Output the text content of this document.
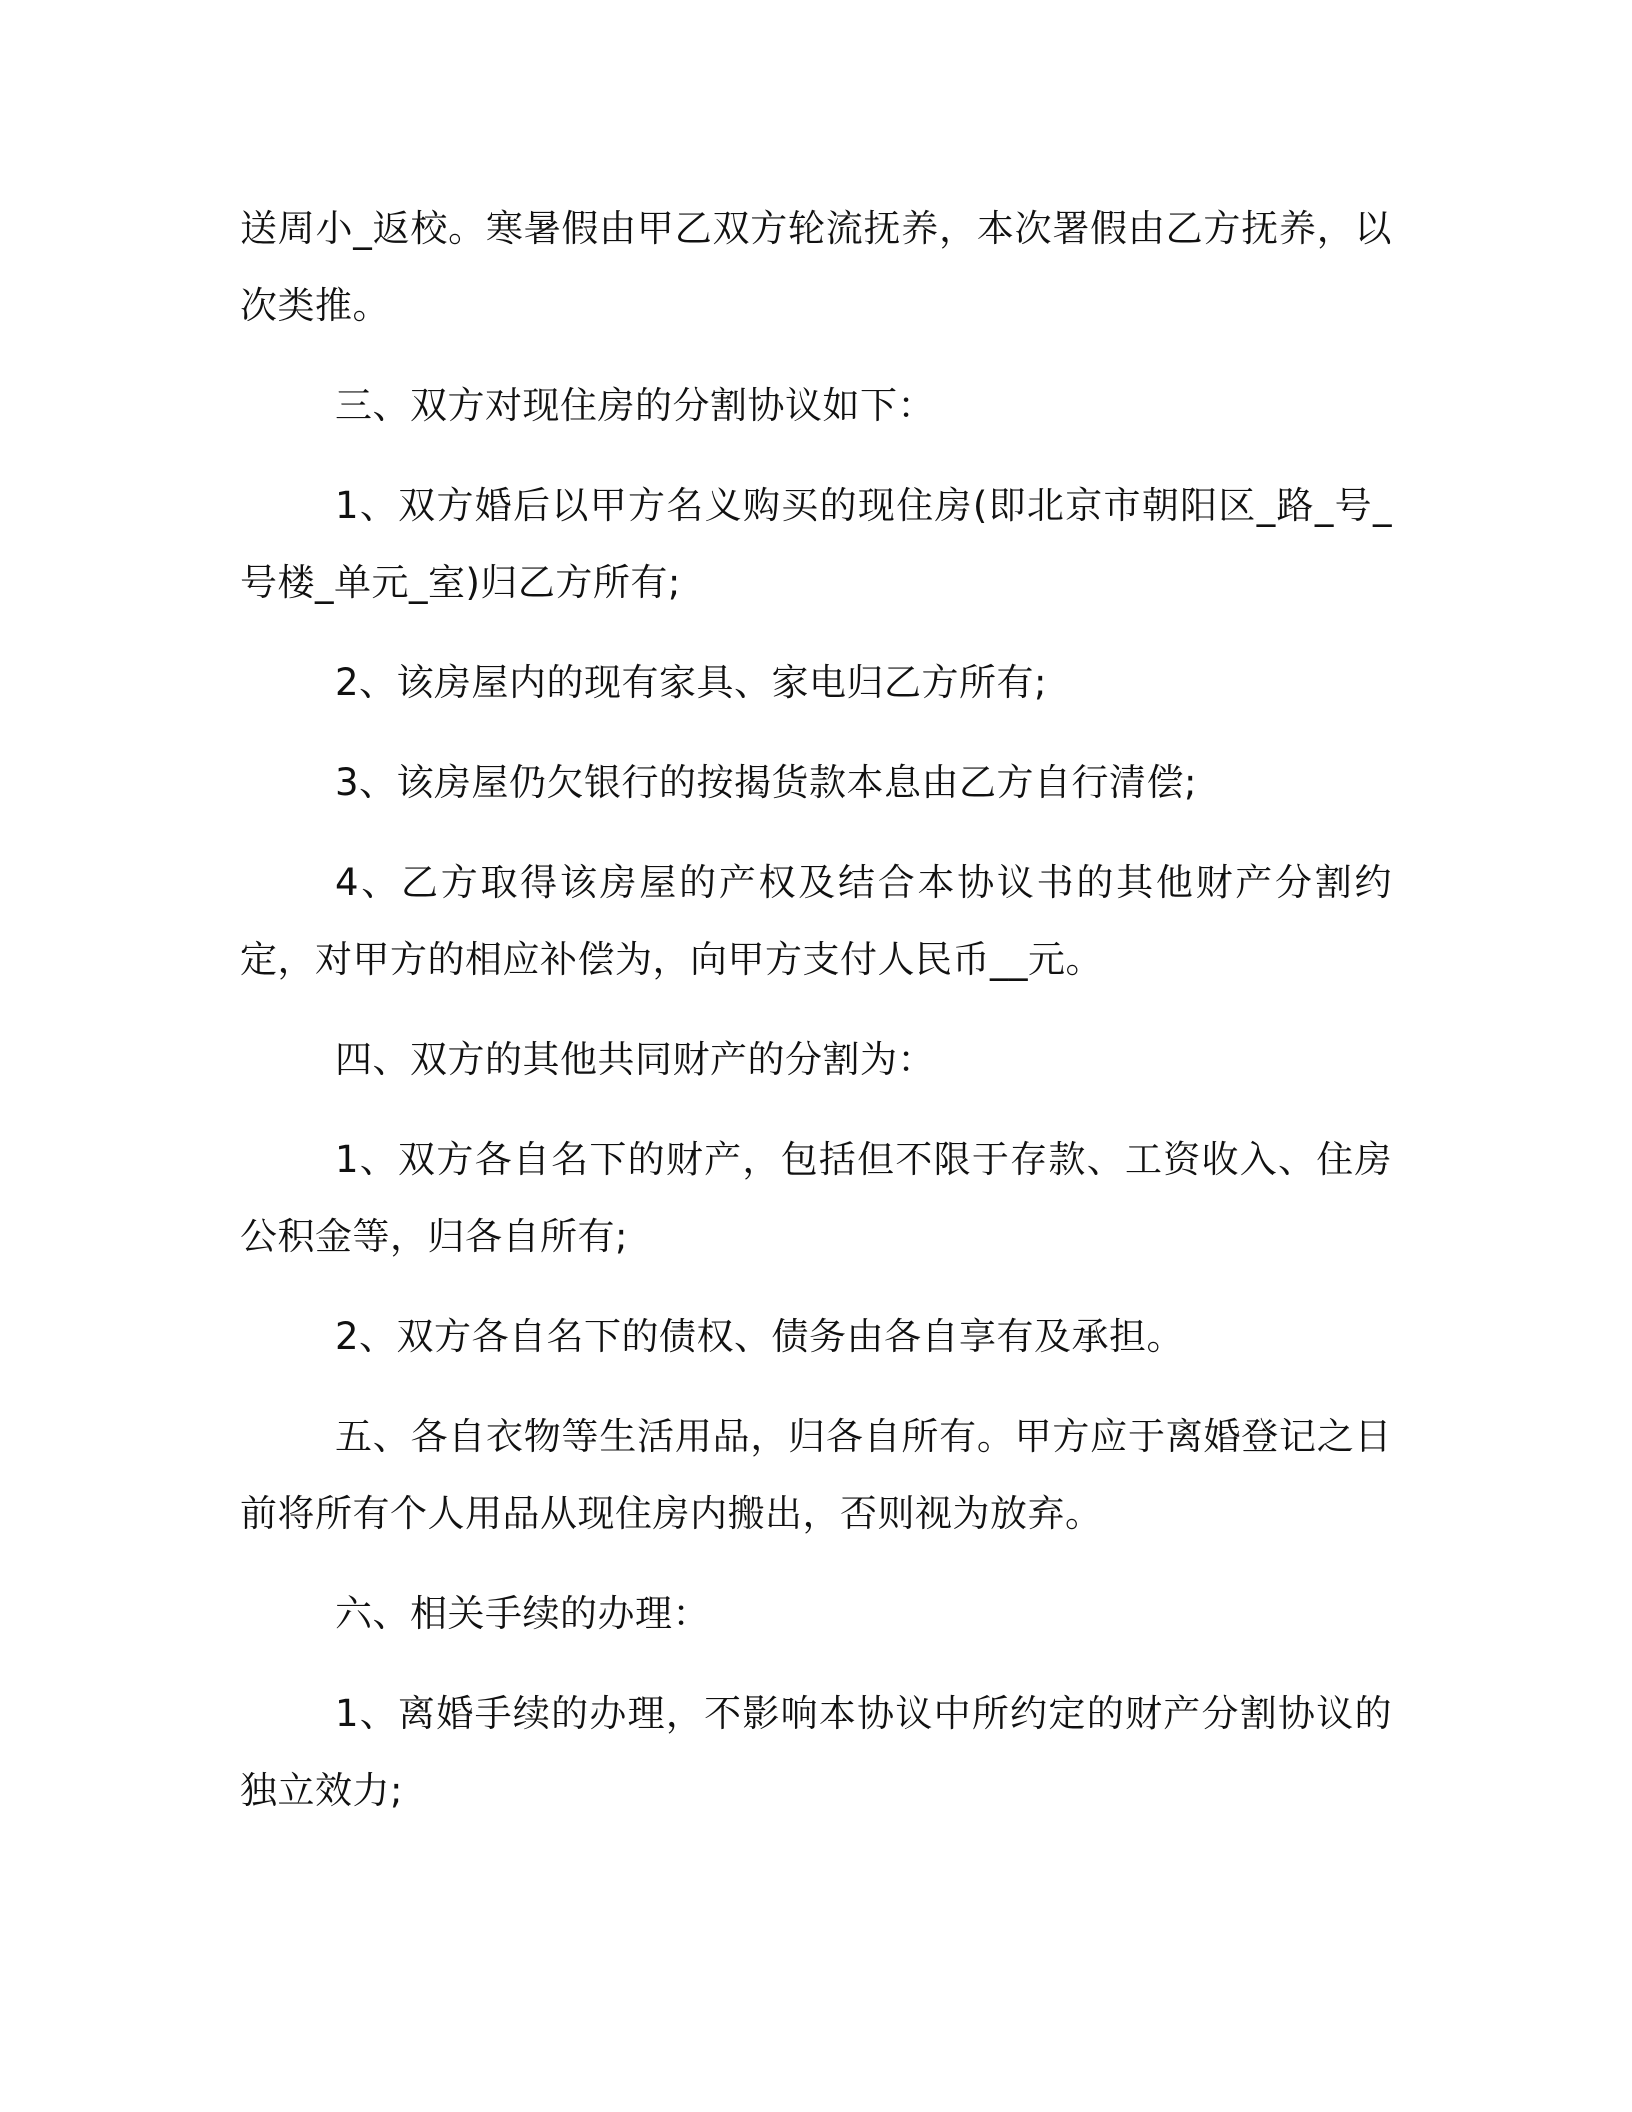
送周小_返校。寒暑假由甲乙双方轮流抚养，本次署假由乙方抚养，以次类推。

三、双方对现住房的分割协议如下：

1、双方婚后以甲方名义购买的现住房(即北京市朝阳区_路_号_号楼_单元_室)归乙方所有;

2、该房屋内的现有家具、家电归乙方所有;

3、该房屋仍欠银行的按揭货款本息由乙方自行清偿;

4、乙方取得该房屋的产权及结合本协议书的其他财产分割约定，对甲方的相应补偿为，向甲方支付人民币__元。

四、双方的其他共同财产的分割为：

1、双方各自名下的财产，包括但不限于存款、工资收入、住房公积金等，归各自所有;

2、双方各自名下的债权、债务由各自享有及承担。

五、各自衣物等生活用品，归各自所有。甲方应于离婚登记之日前将所有个人用品从现住房内搬出，否则视为放弃。

六、相关手续的办理：

1、离婚手续的办理，不影响本协议中所约定的财产分割协议的独立效力;
